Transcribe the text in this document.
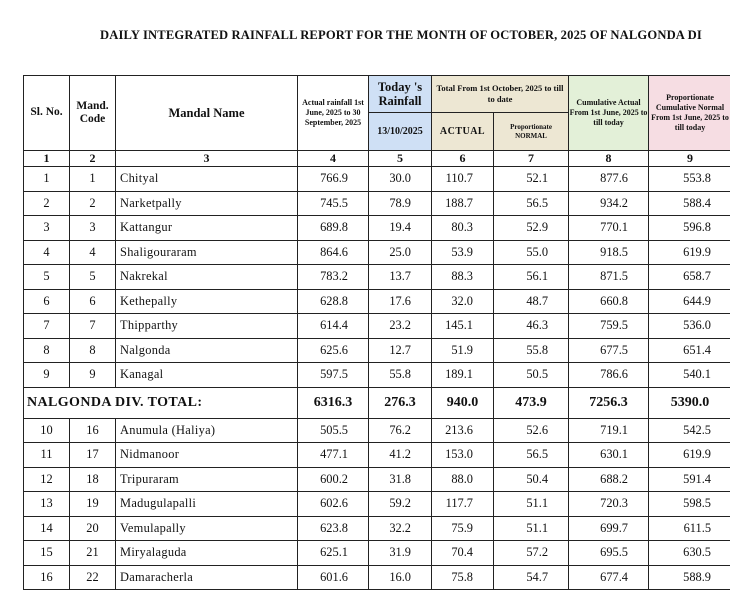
DAILY INTEGRATED RAINFALL REPORT FOR THE MONTH OF OCTOBER, 2025 OF NALGONDA DI
Sl. No.	Mand. Code	Mandal Name	Actual rainfall 1st June, 2025 to 30 September, 2025	Today 's Rainfall	Total From 1st October, 2025 to till to date		Cumulative Actual From 1st June, 2025 to till today	Proportionate Cumulative Normal From 1st June, 2025 to till today
				13/10/2025	ACTUAL	Proportionate NORMAL		
1	2	3	4	5	6	7	8	9
1	1	Chityal	766.9	30.0	110.7	52.1	877.6	553.8
2	2	Narketpally	745.5	78.9	188.7	56.5	934.2	588.4
3	3	Kattangur	689.8	19.4	80.3	52.9	770.1	596.8
4	4	Shaligouraram	864.6	25.0	53.9	55.0	918.5	619.9
5	5	Nakrekal	783.2	13.7	88.3	56.1	871.5	658.7
6	6	Kethepally	628.8	17.6	32.0	48.7	660.8	644.9
7	7	Thipparthy	614.4	23.2	145.1	46.3	759.5	536.0
8	8	Nalgonda	625.6	12.7	51.9	55.8	677.5	651.4
9	9	Kanagal	597.5	55.8	189.1	50.5	786.6	540.1
NALGONDA DIV. TOTAL:			6316.3	276.3	940.0	473.9	7256.3	5390.0
10	16	Anumula (Haliya)	505.5	76.2	213.6	52.6	719.1	542.5
11	17	Nidmanoor	477.1	41.2	153.0	56.5	630.1	619.9
12	18	Tripuraram	600.2	31.8	88.0	50.4	688.2	591.4
13	19	Madugulapalli	602.6	59.2	117.7	51.1	720.3	598.5
14	20	Vemulapally	623.8	32.2	75.9	51.1	699.7	611.5
15	21	Miryalaguda	625.1	31.9	70.4	57.2	695.5	630.5
16	22	Damaracherla	601.6	16.0	75.8	54.7	677.4	588.9
